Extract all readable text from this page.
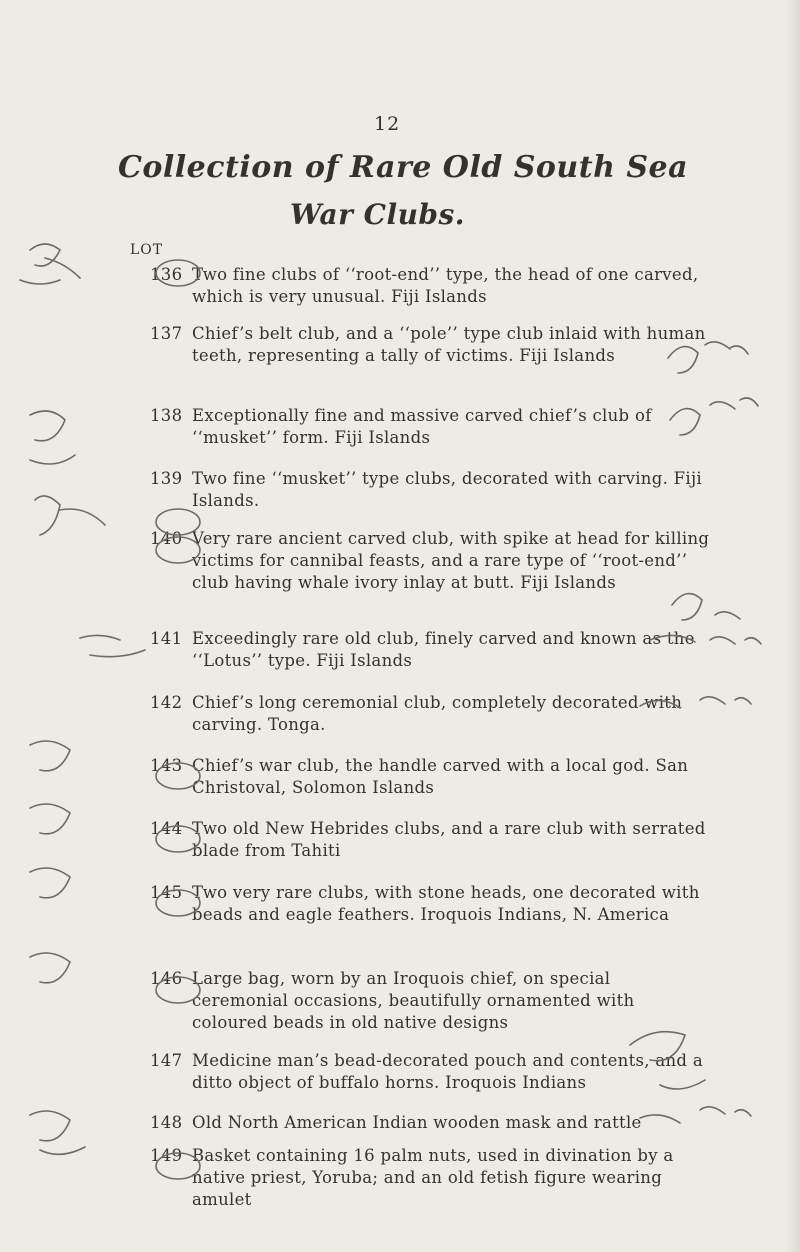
12
Collection of Rare Old South Sea
War Clubs.
LOT
136 Two fine clubs of ‘‘root-end’’ type, the head of one carved, which is very unusual. Fiji Islands
137 Chief’s belt club, and a ‘‘pole’’ type club inlaid with human teeth, representing a tally of victims. Fiji Islands
138 Exceptionally fine and massive carved chief’s club of ‘‘musket’’ form. Fiji Islands
139 Two fine ‘‘musket’’ type clubs, decorated with carving. Fiji Islands.
140 Very rare ancient carved club, with spike at head for killing victims for cannibal feasts, and a rare type of ‘‘root-end’’ club having whale ivory inlay at butt. Fiji Islands
141 Exceedingly rare old club, finely carved and known as the ‘‘Lotus’’ type. Fiji Islands
142 Chief’s long ceremonial club, completely decorated with carving. Tonga.
143 Chief’s war club, the handle carved with a local god. San Christoval, Solomon Islands
144 Two old New Hebrides clubs, and a rare club with serrated blade from Tahiti
145 Two very rare clubs, with stone heads, one decorated with beads and eagle feathers. Iroquois Indians, N. America
146 Large bag, worn by an Iroquois chief, on special ceremonial occasions, beautifully ornamented with coloured beads in old native designs
147 Medicine man’s bead-decorated pouch and contents, and a ditto object of buffalo horns. Iroquois Indians
148 Old North American Indian wooden mask and rattle
149 Basket containing 16 palm nuts, used in divination by a native priest, Yoruba; and an old fetish figure wearing amulet
